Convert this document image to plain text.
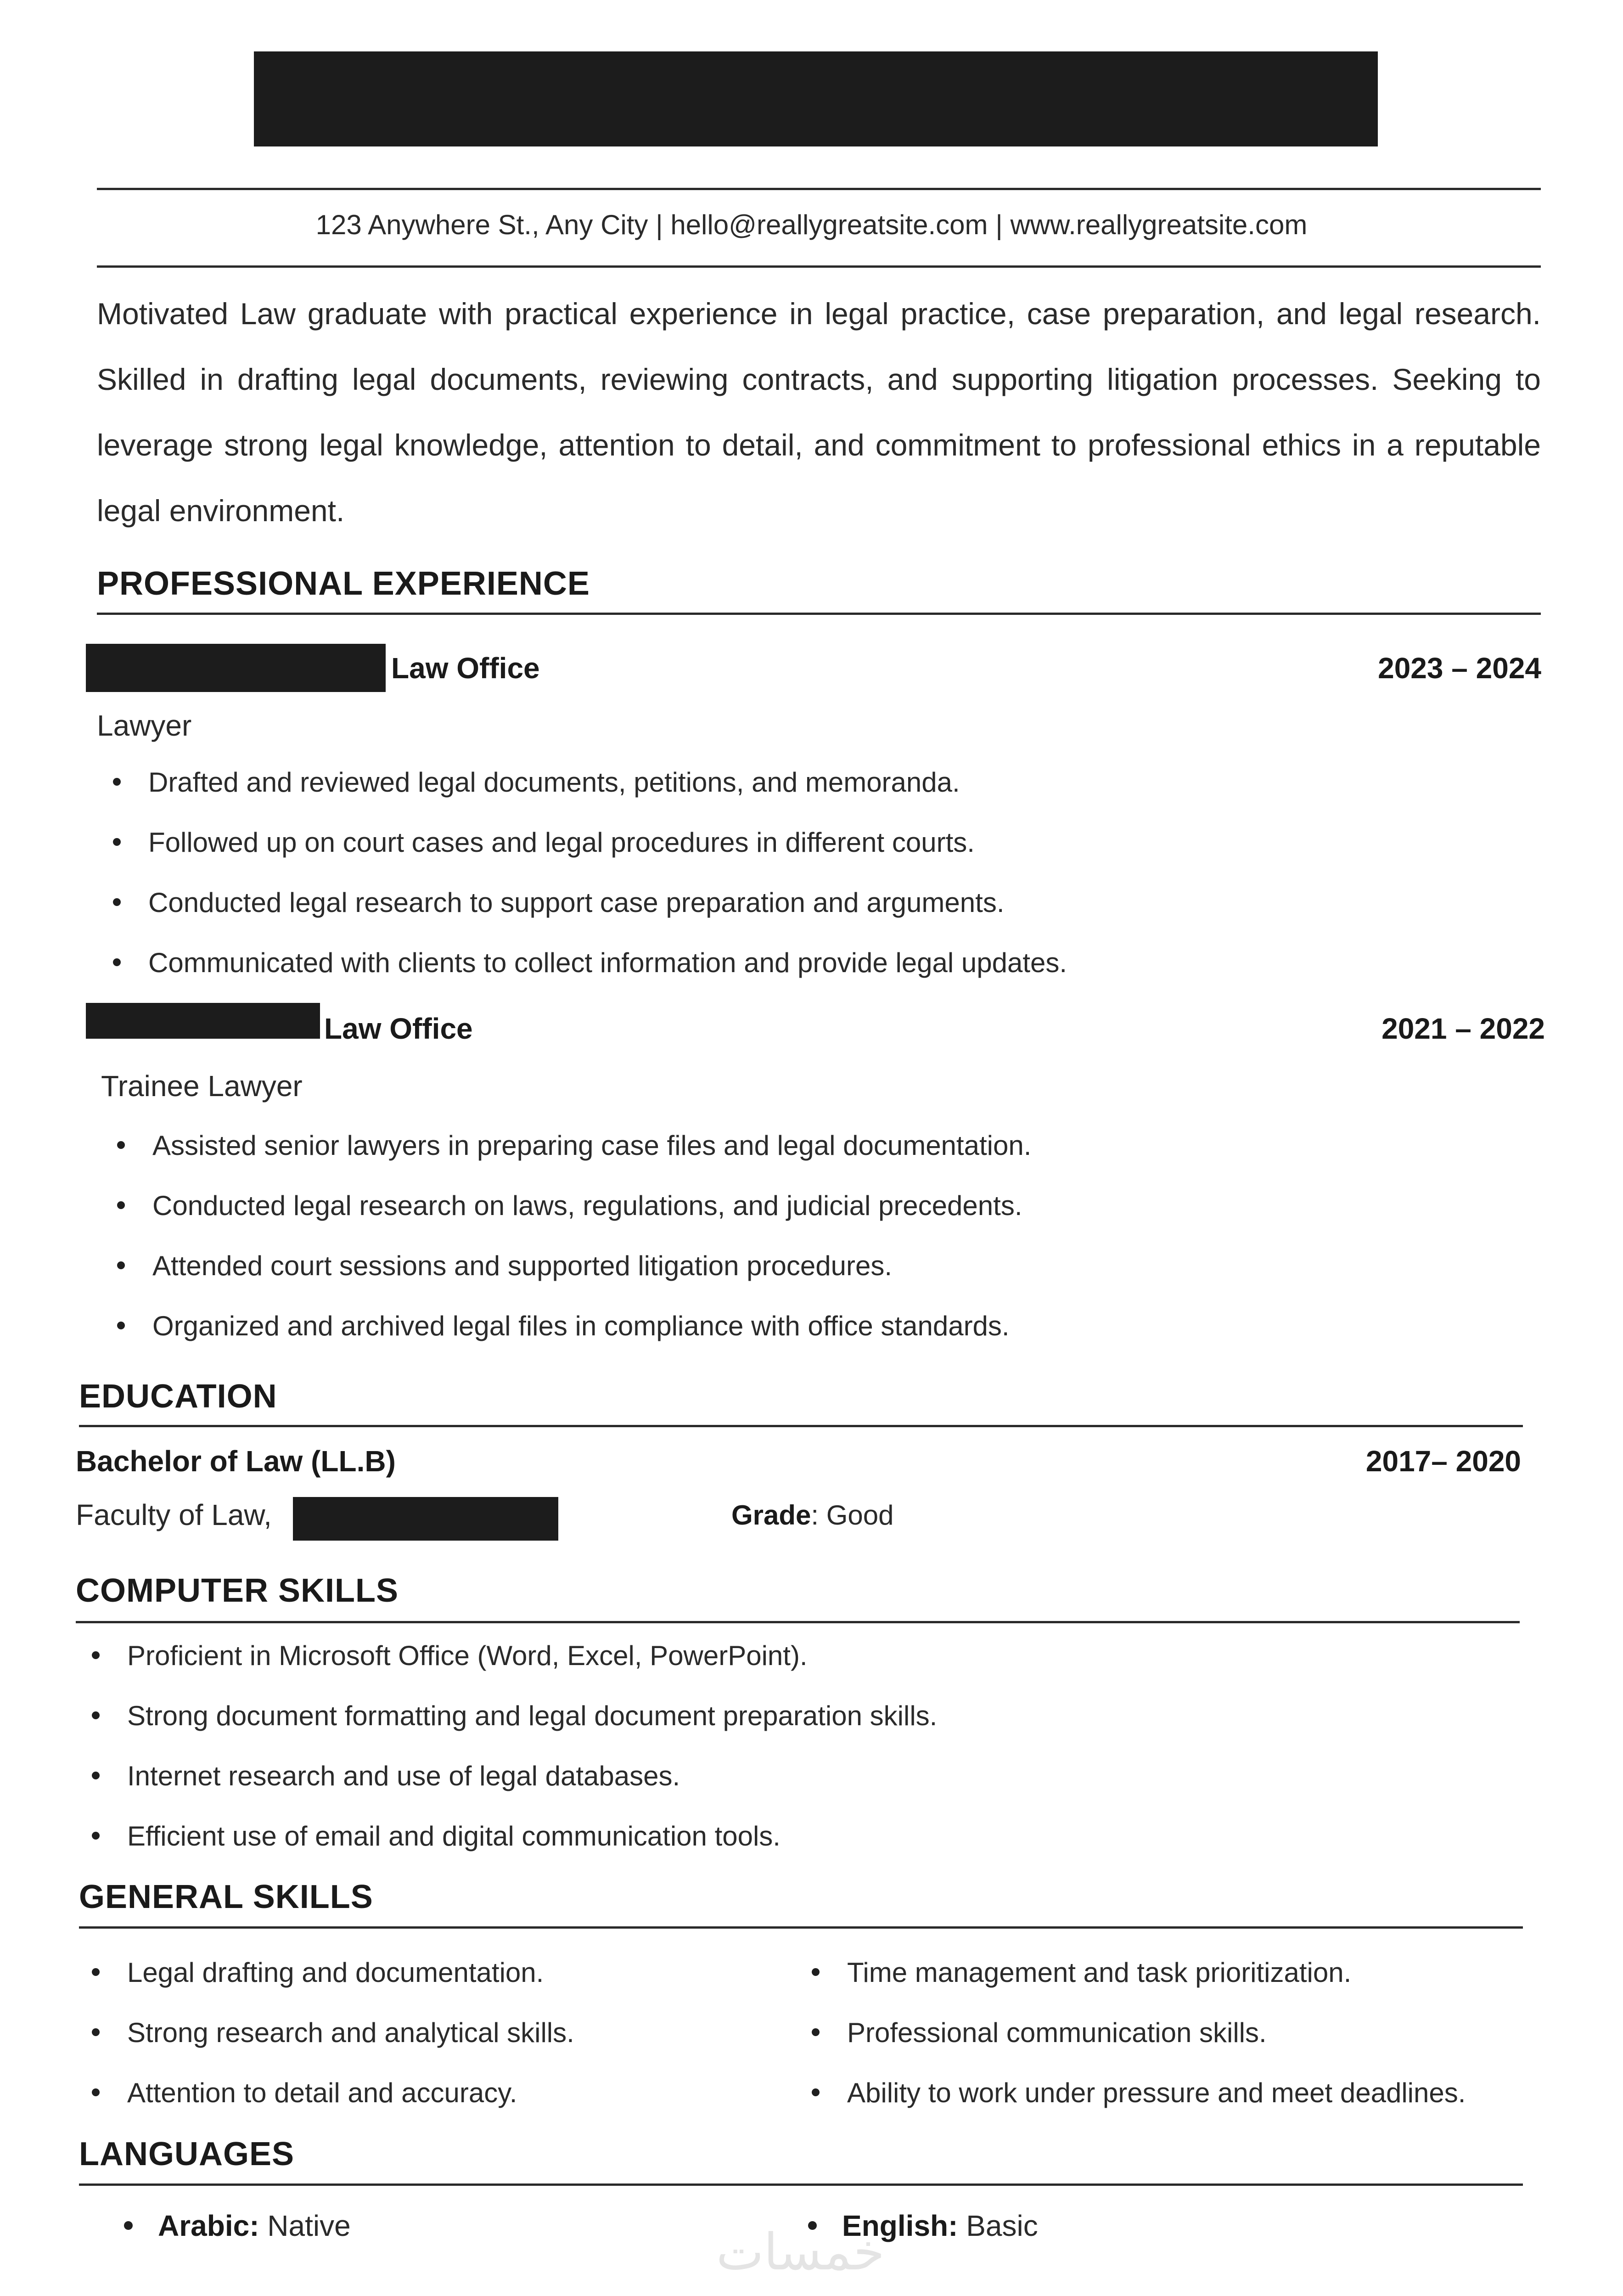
123 Anywhere St., Any City | hello@reallygreatsite.com | www.reallygreatsite.com
Motivated Law graduate with practical experience in legal practice, case preparation, and legal research. Skilled in drafting legal documents, reviewing contracts, and supporting litigation processes. Seeking to leverage strong legal knowledge, attention to detail, and commitment to professional ethics in a reputable legal environment.
PROFESSIONAL EXPERIENCE
Law Office	2023 – 2024
Lawyer
Drafted and reviewed legal documents, petitions, and memoranda.
Followed up on court cases and legal procedures in different courts.
Conducted legal research to support case preparation and arguments.
Communicated with clients to collect information and provide legal updates.
Law Office	2021 – 2022
Trainee Lawyer
Assisted senior lawyers in preparing case files and legal documentation.
Conducted legal research on laws, regulations, and judicial precedents.
Attended court sessions and supported litigation procedures.
Organized and archived legal files in compliance with office standards.
EDUCATION
Bachelor of Law (LL.B)	2017– 2020
Faculty of Law,	Grade: Good
COMPUTER SKILLS
Proficient in Microsoft Office (Word, Excel, PowerPoint).
Strong document formatting and legal document preparation skills.
Internet research and use of legal databases.
Efficient use of email and digital communication tools.
GENERAL SKILLS
Legal drafting and documentation.
Strong research and analytical skills.
Attention to detail and accuracy.
Time management and task prioritization.
Professional communication skills.
Ability to work under pressure and meet deadlines.
LANGUAGES
Arabic: Native	English: Basic
خمسات
